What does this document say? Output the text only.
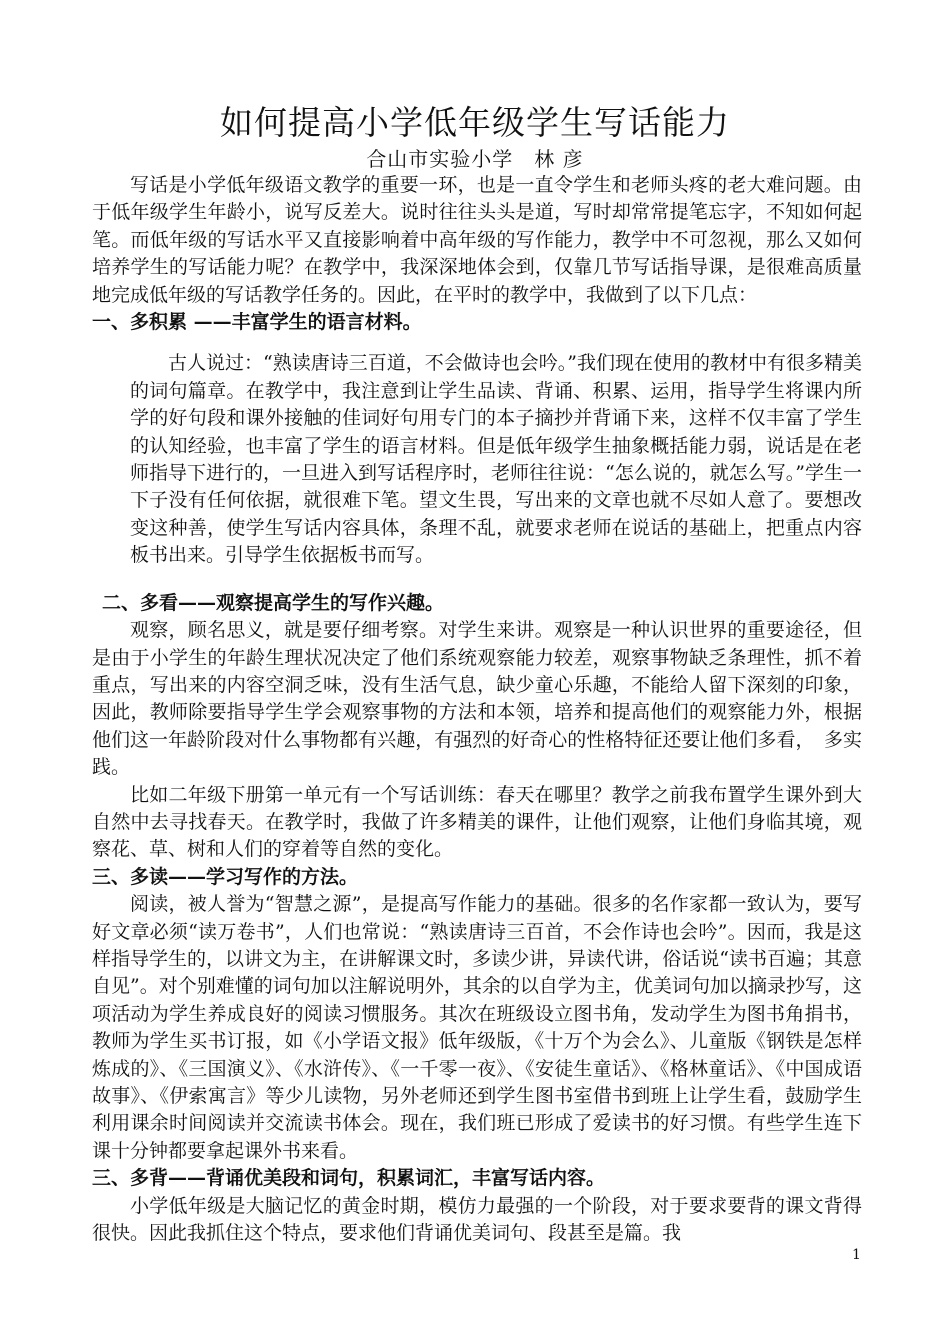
如何提高小学低年级学生写话能力
合山市实验小学　林 彦

写话是小学低年级语文教学的重要一环，也是一直令学生和老师头疼的老大难问题。由于低年级学生年龄小，说写反差大。说时往往头头是道，写时却常常提笔忘字，不知如何起笔。而低年级的写话水平又直接影响着中高年级的写作能力，教学中不可忽视，那么又如何培养学生的写话能力呢？在教学中，我深深地体会到，仅靠几节写话指导课，是很难高质量地完成低年级的写话教学任务的。因此，在平时的教学中，我做到了以下几点：

一、多积累 ——丰富学生的语言材料。

古人说过：“熟读唐诗三百道，不会做诗也会吟。”我们现在使用的教材中有很多精美的词句篇章。在教学中，我注意到让学生品读、背诵、积累、运用，指导学生将课内所学的好句段和课外接触的佳词好句用专门的本子摘抄并背诵下来，这样不仅丰富了学生的认知经验，也丰富了学生的语言材料。但是低年级学生抽象概括能力弱，说话是在老师指导下进行的，一旦进入到写话程序时，老师往往说：“怎么说的，就怎么写。”学生一下子没有任何依据，就很难下笔。望文生畏，写出来的文章也就不尽如人意了。要想改变这种善，使学生写话内容具体，条理不乱，就要求老师在说话的基础上，把重点内容板书出来。引导学生依据板书而写。

二、多看——观察提高学生的写作兴趣。

观察，顾名思义，就是要仔细考察。对学生来讲。观察是一种认识世界的重要途径，但是由于小学生的年龄生理状况决定了他们系统观察能力较差，观察事物缺乏条理性，抓不着重点，写出来的内容空洞乏味，没有生活气息，缺少童心乐趣，不能给人留下深刻的印象，因此，教师除要指导学生学会观察事物的方法和本领，培养和提高他们的观察能力外，根据他们这一年龄阶段对什么事物都有兴趣，有强烈的好奇心的性格特征还要让他们多看，　多实践。

比如二年级下册第一单元有一个写话训练：春天在哪里？教学之前我布置学生课外到大自然中去寻找春天。在教学时，我做了许多精美的课件，让他们观察，让他们身临其境，观察花、草、树和人们的穿着等自然的变化。

三、多读——学习写作的方法。

阅读，被人誉为“智慧之源”，是提高写作能力的基础。很多的名作家都一致认为，要写好文章必须“读万卷书”，人们也常说：“熟读唐诗三百首，不会作诗也会吟”。因而，我是这样指导学生的，以讲文为主，在讲解课文时，多读少讲，异读代讲，俗话说“读书百遍；其意自见”。对个别难懂的词句加以注解说明外，其余的以自学为主，优美词句加以摘录抄写，这项活动为学生养成良好的阅读习惯服务。其次在班级设立图书角，发动学生为图书角捐书，教师为学生买书订报，如《小学语文报》低年级版，《十万个为会么》、儿童版《钢铁是怎样炼成的》、《三国演义》、《水浒传》、《一千零一夜》、《安徒生童话》、《格林童话》、《中国成语故事》、《伊索寓言》等少儿读物，另外老师还到学生图书室借书到班上让学生看，鼓励学生利用课余时间阅读并交流读书体会。现在，我们班已形成了爱读书的好习惯。有些学生连下课十分钟都要拿起课外书来看。

三、多背——背诵优美段和词句，积累词汇，丰富写话内容。

小学低年级是大脑记忆的黄金时期，模仿力最强的一个阶段，对于要求要背的课文背得很快。因此我抓住这个特点，要求他们背诵优美词句、段甚至是篇。我

1
